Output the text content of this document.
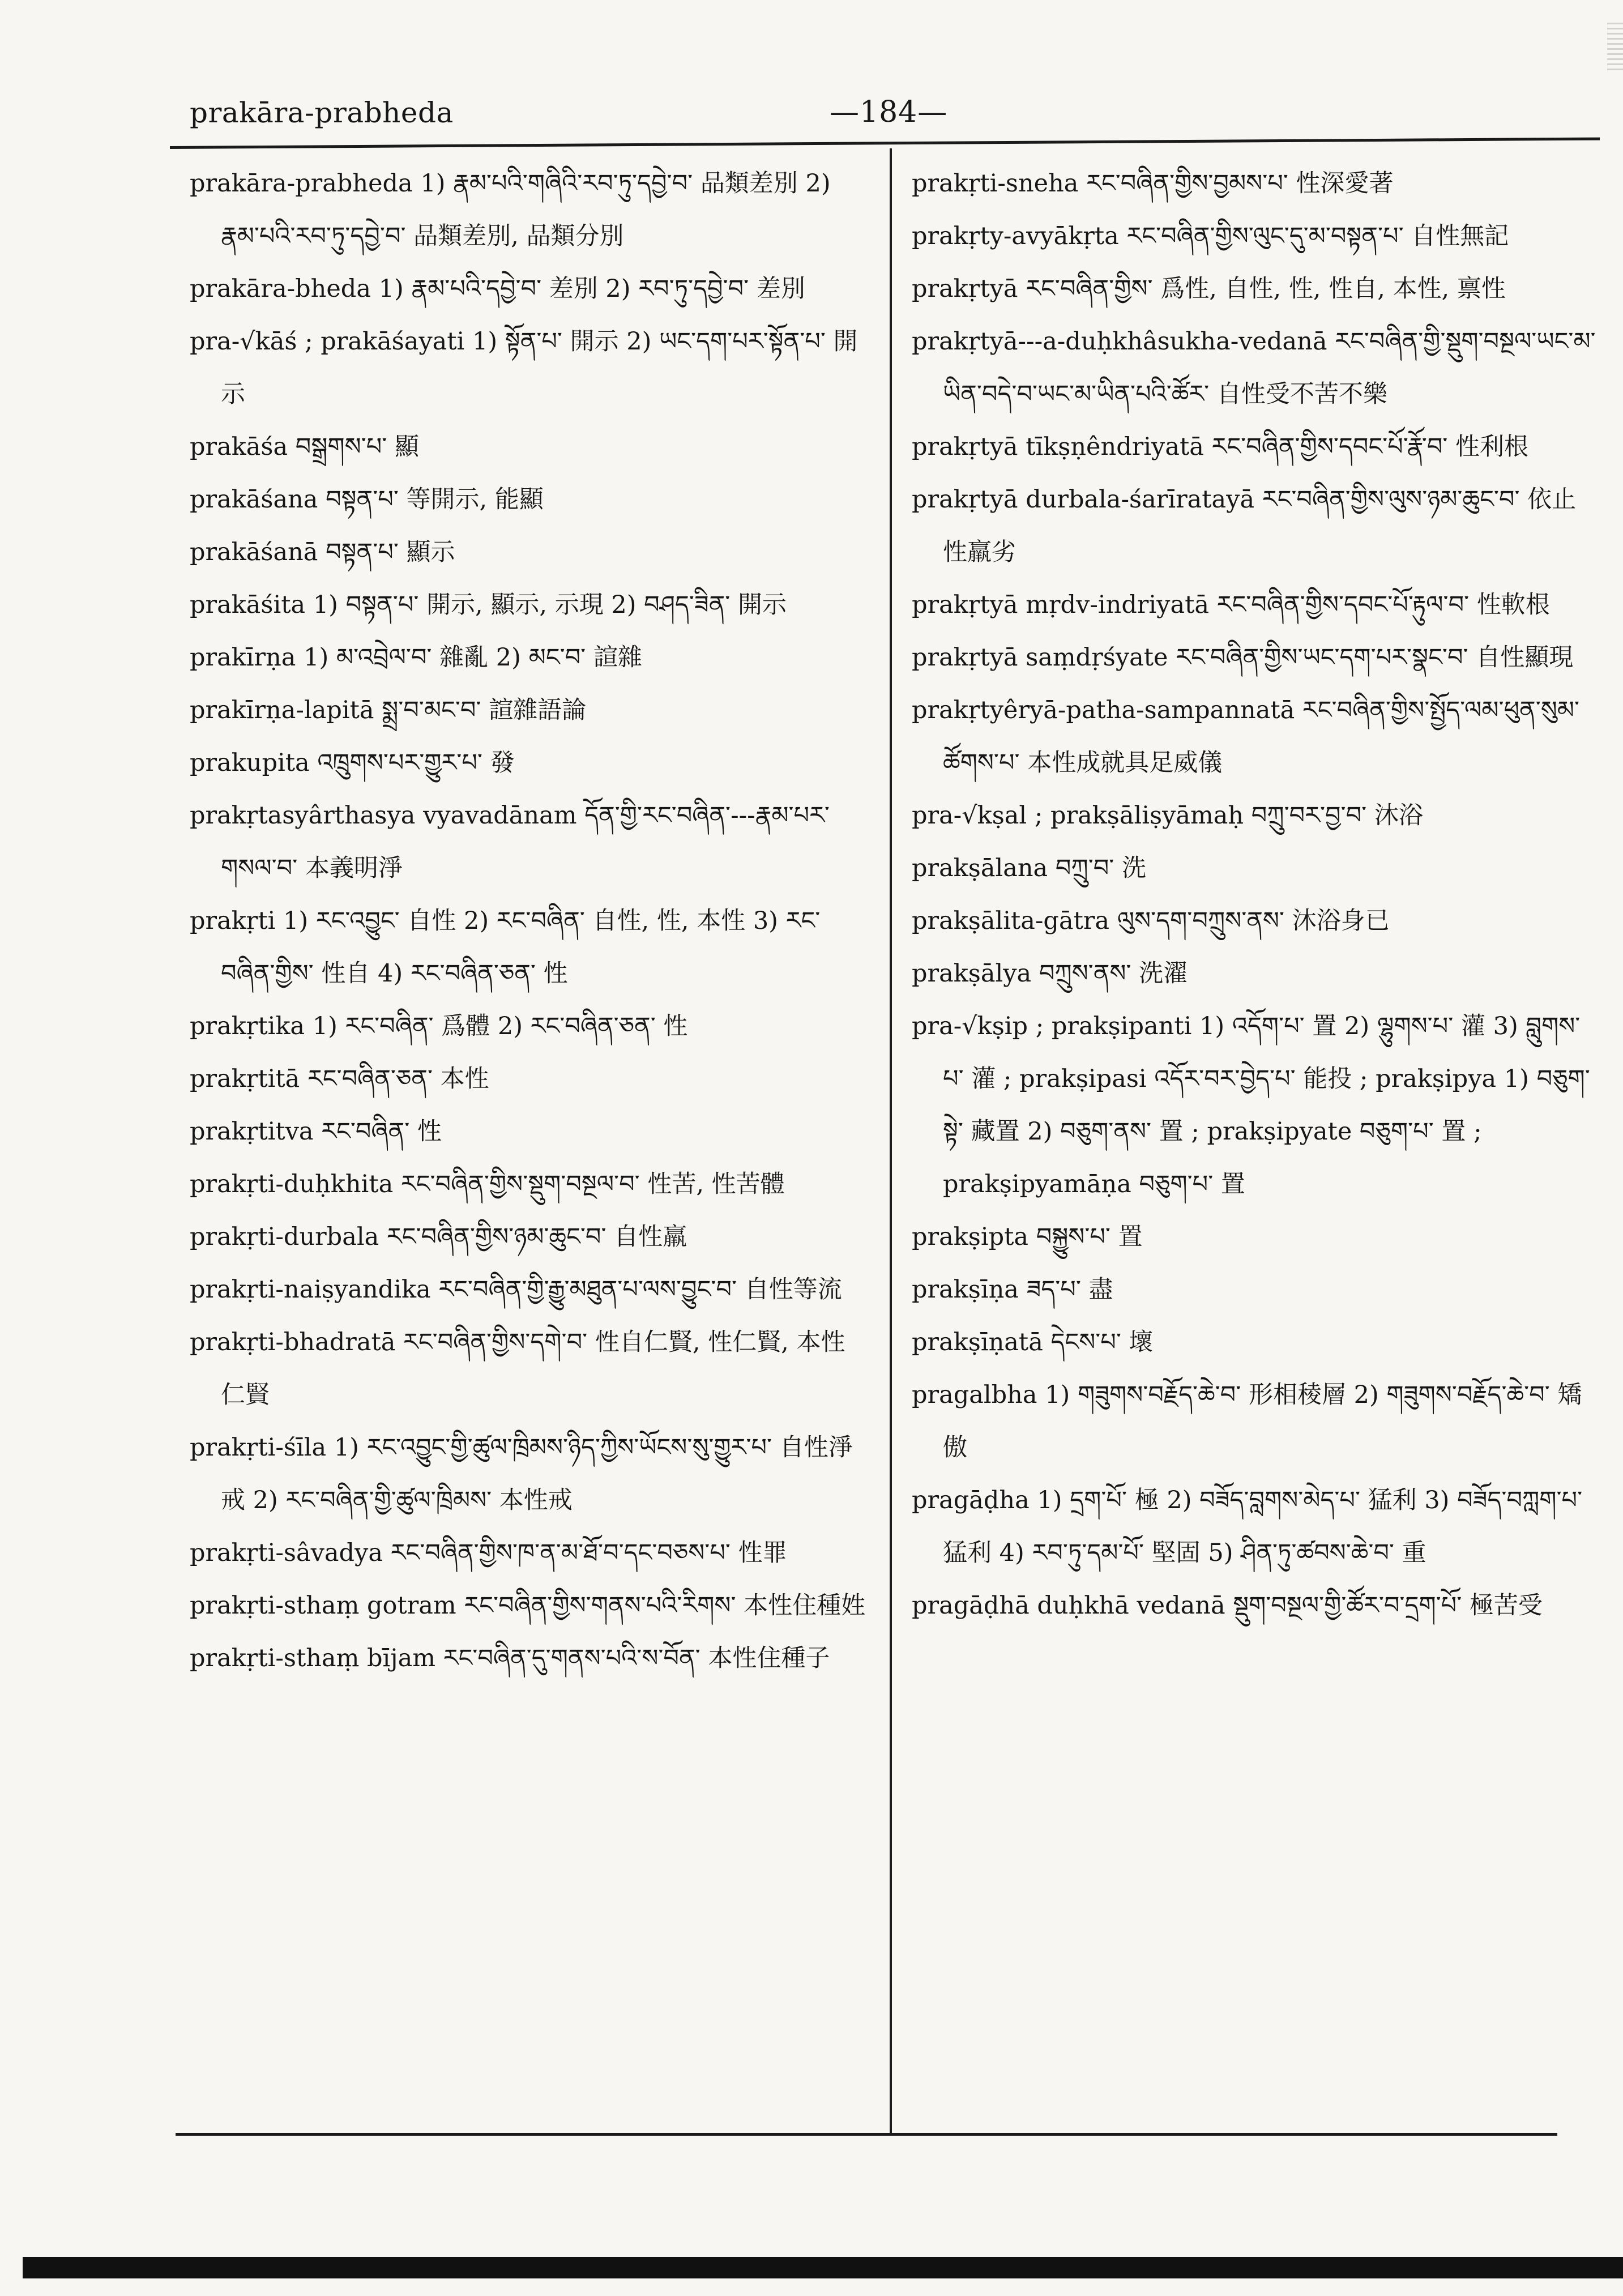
prakāra-prabheda	—184—
prakāra-prabheda 1) རྣམ་པའི་གཞིའི་རབ་ཏུ་དབྱེ་བ་ 品類差別 2) རྣམ་པའི་རབ་ཏུ་དབྱེ་བ་ 品類差別, 品類分別
prakāra-bheda 1) རྣམ་པའི་དབྱེ་བ་ 差別 2) རབ་ཏུ་དབྱེ་བ་ 差別
pra-√kāś ; prakāśayati 1) སྟོན་པ་ 開示 2) ཡང་དག་པར་སྟོན་པ་ 開示
prakāśa བསྒྲགས་པ་ 顯
prakāśana བསྟན་པ་ 等開示, 能顯
prakāśanā བསྟན་པ་ 顯示
prakāśita 1) བསྟན་པ་ 開示, 顯示, 示現 2) བཤད་ཟིན་ 開示
prakīrṇa 1) མ་འབྲེལ་བ་ 雜亂 2) མང་བ་ 諠雜
prakīrṇa-lapitā སྨྲ་བ་མང་བ་ 諠雜語論
prakupita འཁྲུགས་པར་གྱུར་པ་ 發
prakṛtasyârthasya vyavadānam དོན་གྱི་རང་བཞིན་---རྣམ་པར་གསལ་བ་ 本義明淨
prakṛti 1) རང་འབྱུང་ 自性 2) རང་བཞིན་ 自性, 性, 本性 3) རང་བཞིན་གྱིས་ 性自 4) རང་བཞིན་ཅན་ 性
prakṛtika 1) རང་བཞིན་ 爲體 2) རང་བཞིན་ཅན་ 性
prakṛtitā རང་བཞིན་ཅན་ 本性
prakṛtitva རང་བཞིན་ 性
prakṛti-duḥkhita རང་བཞིན་གྱིས་སྡུག་བསྔལ་བ་ 性苦, 性苦體
prakṛti-durbala རང་བཞིན་གྱིས་ཉམ་ཆུང་བ་ 自性羸
prakṛti-naiṣyandika རང་བཞིན་གྱི་རྒྱུ་མཐུན་པ་ལས་བྱུང་བ་ 自性等流
prakṛti-bhadratā རང་བཞིན་གྱིས་དགེ་བ་ 性自仁賢, 性仁賢, 本性仁賢
prakṛti-śīla 1) རང་འབྱུང་གྱི་ཚུལ་ཁྲིམས་ཉིད་ཀྱིས་ཡོངས་སུ་གྱུར་པ་ 自性淨戒 2) རང་བཞིན་གྱི་ཚུལ་ཁྲིམས་ 本性戒
prakṛti-sâvadya རང་བཞིན་གྱིས་ཁ་ན་མ་ཐོ་བ་དང་བཅས་པ་ 性罪
prakṛti-sthaṃ gotram རང་བཞིན་གྱིས་གནས་པའི་རིགས་ 本性住種姓
prakṛti-sthaṃ bījam རང་བཞིན་དུ་གནས་པའི་ས་བོན་ 本性住種子
prakṛti-sneha རང་བཞིན་གྱིས་བྱམས་པ་ 性深愛著
prakṛty-avyākṛta རང་བཞིན་གྱིས་ལུང་དུ་མ་བསྟན་པ་ 自性無記
prakṛtyā རང་བཞིན་གྱིས་ 爲性, 自性, 性, 性自, 本性, 禀性
prakṛtyā---a-duḥkhâsukha-vedanā རང་བཞིན་གྱི་སྡུག་བསྔལ་ཡང་མ་ཡིན་བདེ་བ་ཡང་མ་ཡིན་པའི་ཚོར་ 自性受不苦不樂
prakṛtyā tīkṣṇêndriyatā རང་བཞིན་གྱིས་དབང་པོ་རྣོ་བ་ 性利根
prakṛtyā durbala-śarīratayā རང་བཞིན་གྱིས་ལུས་ཉམ་ཆུང་བ་ 依止性羸劣
prakṛtyā mṛdv-indriyatā རང་བཞིན་གྱིས་དབང་པོ་རྟུལ་བ་ 性軟根
prakṛtyā saṃdṛśyate རང་བཞིན་གྱིས་ཡང་དག་པར་སྣང་བ་ 自性顯現
prakṛtyêryā-patha-sampannatā རང་བཞིན་གྱིས་སྤྱོད་ལམ་ཕུན་སུམ་ཚོགས་པ་ 本性成就具足威儀
pra-√kṣal ; prakṣāliṣyāmaḥ བཀྲུ་བར་བྱ་བ་ 沐浴
prakṣālana བཀྲུ་བ་ 洗
prakṣālita-gātra ལུས་དག་བཀྲུས་ནས་ 沐浴身已
prakṣālya བཀྲུས་ནས་ 洗濯
pra-√kṣip ; prakṣipanti 1) འདོག་པ་ 置 2) ལྷུགས་པ་ 灌 3) བླུགས་པ་ 灌 ; prakṣipasi འདོར་བར་བྱེད་པ་ 能投 ; prakṣipya 1) བཅུག་སྟེ་ 藏置 2) བཅུག་ནས་ 置 ; prakṣipyate བཅུག་པ་ 置 ; prakṣipyamāṇa བཅུག་པ་ 置
prakṣipta བསྐྱུས་པ་ 置
prakṣīṇa ཟད་པ་ 盡
prakṣīṇatā དེངས་པ་ 壞
pragalbha 1) གཟུགས་བརྗོད་ཆེ་བ་ 形相稜層 2) གཟུགས་བརྗོད་ཆེ་བ་ 矯傲
pragāḍha 1) དྲག་པོ་ 極 2) བཟོད་བླགས་མེད་པ་ 猛利 3) བཟོད་བཀླག་པ་ 猛利 4) རབ་ཏུ་དམ་པོ་ 堅固 5) ཤིན་ཏུ་ཚབས་ཆེ་བ་ 重
pragāḍhā duḥkhā vedanā སྡུག་བསྔལ་གྱི་ཚོར་བ་དྲག་པོ་ 極苦受
